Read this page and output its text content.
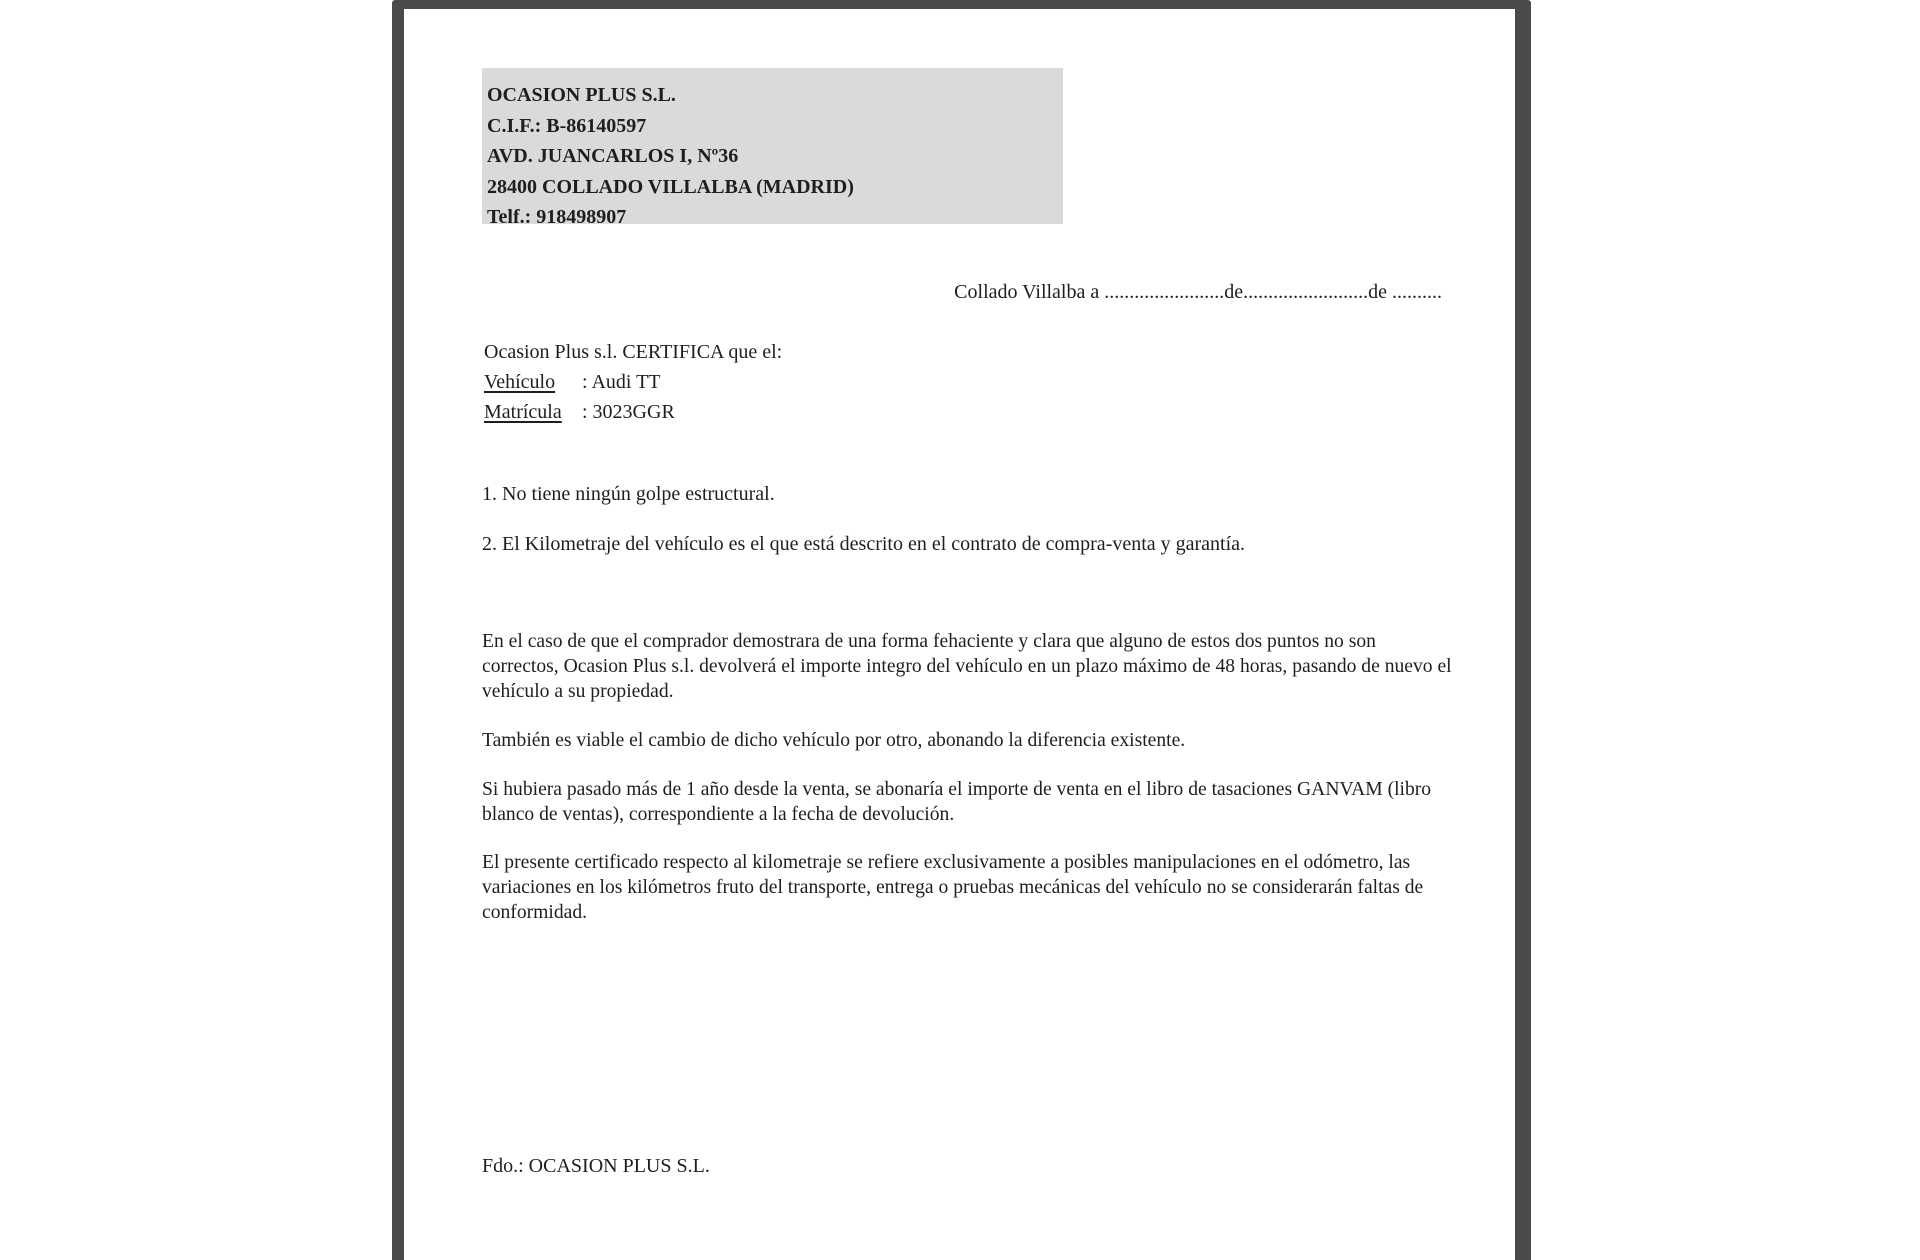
OCASION PLUS S.L.
C.I.F.: B-86140597
AVD. JUANCARLOS I, Nº36
28400 COLLADO VILLALBA (MADRID)
Telf.: 918498907
Collado Villalba a ........................de.........................de ..........
Ocasion Plus s.l. CERTIFICA que el:
Vehículo : Audi TT
Matrícula : 3023GGR
1. No tiene ningún golpe estructural.
2. El Kilometraje del vehículo es el que está descrito en el contrato de compra-venta y garantía.
En el caso de que el comprador demostrara de una forma fehaciente y clara que alguno de estos dos puntos no son correctos, Ocasion Plus s.l. devolverá el importe integro del vehículo en un plazo máximo de 48 horas, pasando de nuevo el vehículo a su propiedad.
También es viable el cambio de dicho vehículo por otro, abonando la diferencia existente.
Si hubiera pasado más de 1 año desde la venta, se abonaría el importe de venta en el libro de tasaciones GANVAM (libro blanco de ventas), correspondiente a la fecha de devolución.
El presente certificado respecto al kilometraje se refiere exclusivamente a posibles manipulaciones en el odómetro, las variaciones en los kilómetros fruto del transporte, entrega o pruebas mecánicas del vehículo no se considerarán faltas de conformidad.
Fdo.: OCASION PLUS S.L.
